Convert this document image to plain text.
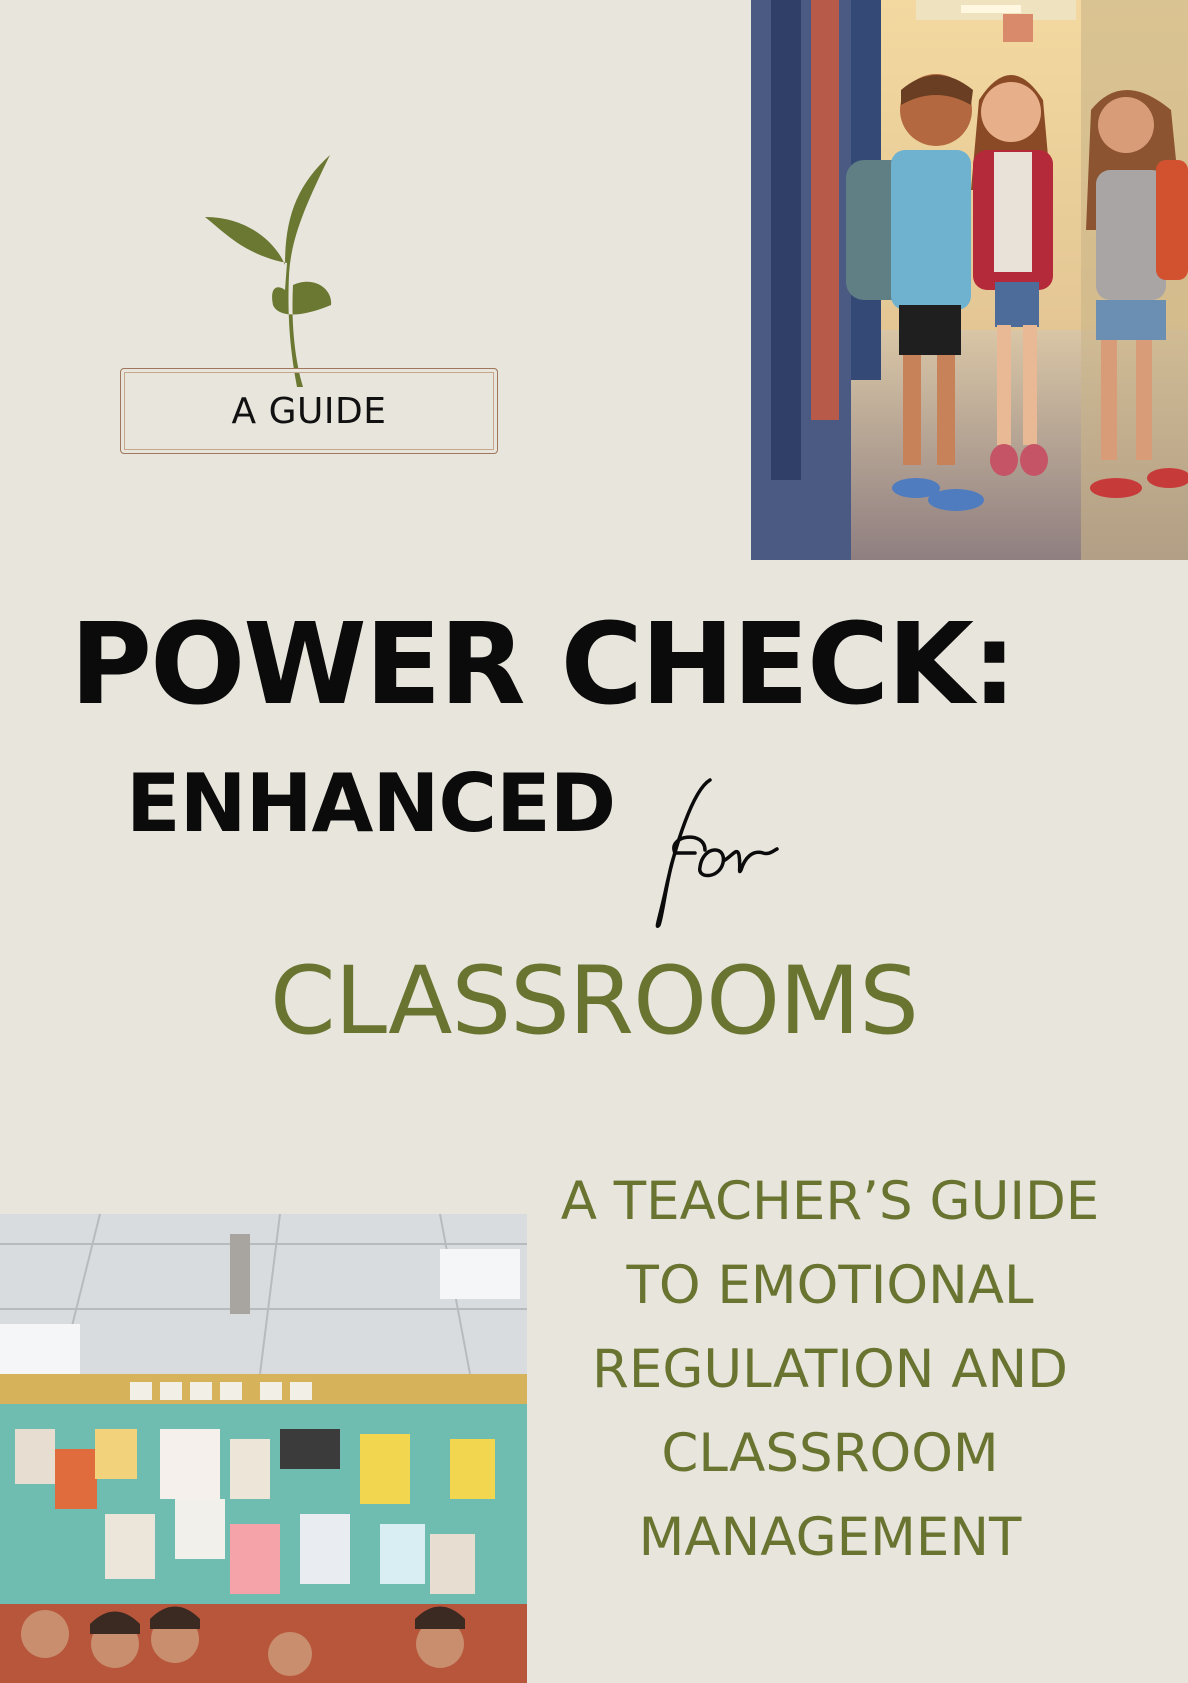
A GUIDE
POWER CHECK:
ENHANCED
CLASSROOMS
A TEACHER’S GUIDE
TO EMOTIONAL
REGULATION AND
CLASSROOM
MANAGEMENT
